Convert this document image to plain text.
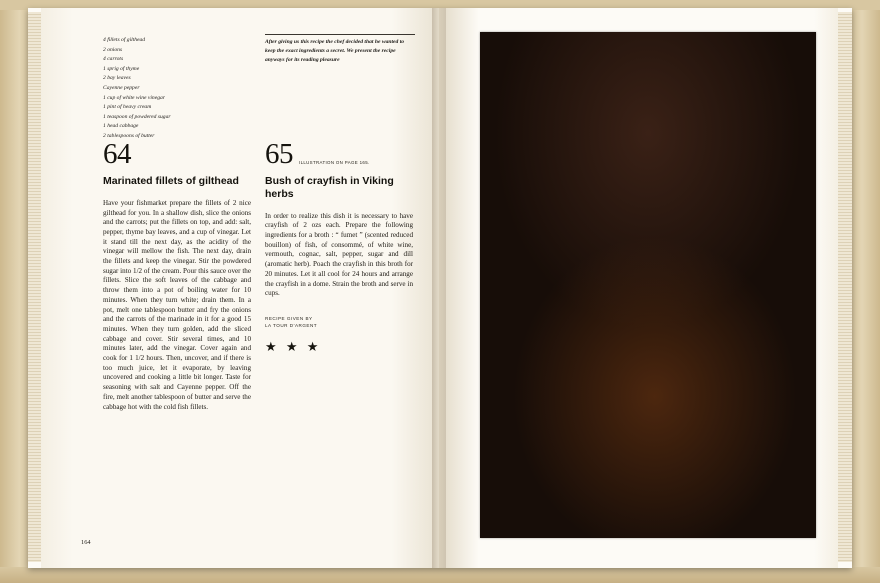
4 fillets of gilthead
2 onions
4 carrots
1 sprig of thyme
2 bay leaves
Cayenne pepper
1 cup of white wine vinegar
1 pint of heavy cream
1 teaspoon of powdered sugar
1 head cabbage
2 tablespoons of butter
After giving us this recipe the chef decided that he wanted to keep the exact ingredients a secret. We present the recipe anyways for its reading pleasure
64
Marinated fillets of gilthead

Have your fishmarket prepare the fillets of 2 nice gilthead for you. In a shallow dish, slice the onions and the carrots; put the fillets on top, and add: salt, pepper, thyme bay leaves, and a cup of vinegar. Let it stand till the next day, as the acidity of the vinegar will mellow the fish. The next day, drain the fillets and keep the vinegar. Stir the powdered sugar into 1/2 of the cream. Pour this sauce over the fillets. Slice the soft leaves of the cabbage and throw them into a pot of boiling water for 10 minutes. When they turn white; drain them. In a pot, melt one tablespoon butter and fry the onions and the carrots of the marinade in it for a good 15 minutes. When they turn golden, add the sliced cabbage and cover. Stir several times, and 10 minutes later, add the vinegar. Cover again and cook for 1 1/2 hours. Then, uncover, and if there is too much juice, let it evaporate, by leaving uncovered and cooking a little bit longer. Taste for seasoning with salt and Cayenne pepper. Off the fire, melt another tablespoon of butter and serve the cabbage hot with the cold fish fillets.

65 ILLUSTRATION ON PAGE 165.
Bush of crayfish in Viking herbs

In order to realize this dish it is necessary to have crayfish of 2 ozs each. Prepare the following ingredients for a broth : “ fumet ” (scented reduced bouillon) of fish, of consommé, of white wine, vermouth, cognac, salt, pepper, sugar and dill (aromatic herb). Poach the crayfish in this broth for 20 minutes. Let it all cool for 24 hours and arrange the crayfish in a dome. Strain the broth and serve in cups.

RECIPE GIVEN BY
LA TOUR D'ARGENT
★ ★ ★
164
